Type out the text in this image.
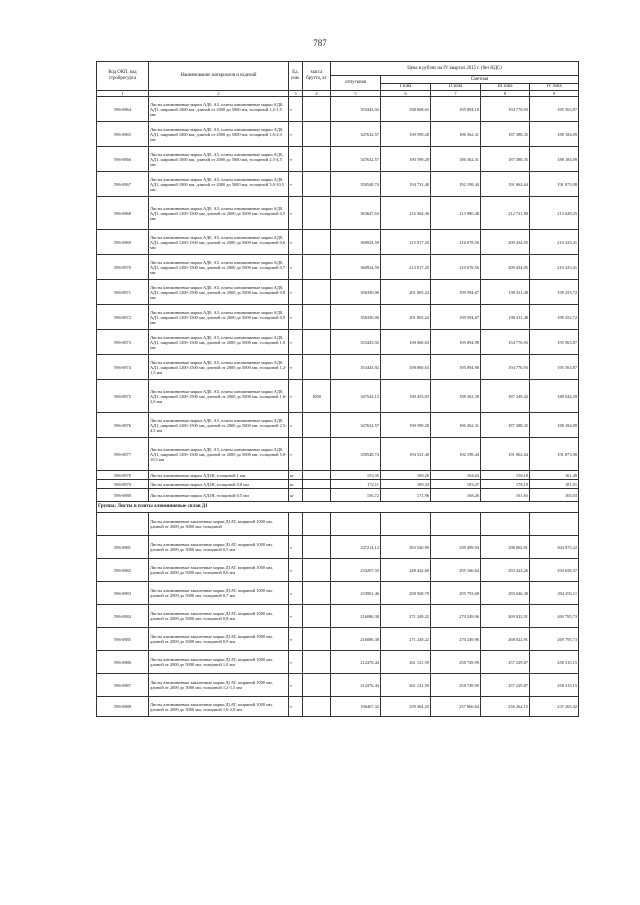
787
Код ОКП, код стройресурса	Наименование материалов и изделий	Ед. изм.	масса брутто, кг	Цена в рублях на IV квартал 2015 г. (без НДС)				
				отпускная	Сметная			
					I зона	II зона	III зона	IV зона
1	2	3	4	5	6	7	8	9
596-0864	Листы алюминиевые марки АД0, А5, плиты алюминиевые марки АД0, АД1, шириной 1000 мм, длиной от 2000 до 5000 мм, толщиной 1,2-1,5 мм	т		353443,92	188 608,63	195 894,10	194 776,93	195 563,87
596-0865	Листы алюминиевые марки АД0, А5, плиты алюминиевые марки АД0, АД1, шириной 1000 мм, длиной от 2000 до 5000 мм, толщиной 1,6-2,0 мм	т		347632,57	190 599,28	186 362,31	187 388,35	188 184,09
596-0866	Листы алюминиевые марки АД0, А5, плиты алюминиевые марки АД0, АД1, шириной 1000 мм, длиной от 2000 до 5000 мм, толщиной 2,5-4,5 мм	т		347632,57	190 599,28	186 362,31	187 388,35	188 184,09
596-0867	Листы алюминиевые марки АД0, А5, плиты алюминиевые марки АД0, АД1, шириной 1000 мм, длиной от 2000 до 5000 мм, толщиной 5,0-10,5 мм	т		350548,74	194 731,48	192 198,44	191 062,64	191 873,98
596-0868	Листы алюминиевые марки АД0, А5, плиты алюминиевые марки АД0, АД1, шириной 1200-1500 мм, длиной от 2000 до 5000 мм, толщиной 0,5 мм	т		363647,63	216 364,36	213 980,48	212 721,90	213 628,25
596-0869	Листы алюминиевые марки АД0, А5, плиты алюминиевые марки АД0, АД1, шириной 1200-1500 мм, длиной от 2000 до 5000 мм, толщиной 0,6 мм	т		360924,59	215 017,20	216 678,56	209 434,05	210 325,41
596-0870	Листы алюминиевые марки АД0, А5, плиты алюминиевые марки АД0, АД1, шириной 1200-1500 мм, длиной от 2000 до 5000 мм, толщиной 0,7 мм	т		360924,59	213 017,20	210 678,56	209 434,05	210 325,41
596-0871	Листы алюминиевые марки АД0, А5, плиты алюминиевые марки АД0, АД1, шириной 1200-1500 мм, длиной от 2000 до 5000 мм, толщиной 0,8 мм	т		356330,06	201 805,24	199 594,67	198 411,48	199 253,72
596-0872	Листы алюминиевые марки АД0, А5, плиты алюминиевые марки АД0, АД1, шириной 1200-1500 мм, длиной от 2000 до 5000 мм, толщиной 0,9 мм	т		356330,06	201 805,24	199 594,67	198 411,48	199 252,72
596-0873	Листы алюминиевые марки АД0, А5, плиты алюминиевые марки АД0, АД1, шириной 1200-1500 мм, длиной от 2000 до 5000 мм, толщиной 1,0 мм	т		353443,92	198 060,63	195 894,98	194 776,93	195 563,87
596-0874	Листы алюминиевые марки АД0, А5, плиты алюминиевые марки АД0, АД1, шириной 1200-1500 мм, длиной от 2000 до 5000 мм, толщиной 1,2-1,5 мм	т		353443,92	198 060,63	195 894,98	194 776,93	195 563,87
596-0875	Листы алюминиевые марки АД0, А5, плиты алюминиевые марки АД0, АД1, шириной 1200-1500 мм, длиной от 2000 до 5000 мм, толщиной 1,6-2,0 мм	т	1000	347544,12	190 453,03	188 362,58	187 249,42	188 044,29
596-0876	Листы алюминиевые марки АД0, А5, плиты алюминиевые марки АД0, АД1, шириной 1200-1500 мм, длиной от 2000 до 5000 мм, толщиной 2,5-4,5 мм	т		347632,57	190 599,28	186 362,31	187 388,35	188 184,09
596-0877	Листы алюминиевые марки АД0, А5, плиты алюминиевые марки АД0, АД1, шириной 1200-1500 мм, длиной от 2000 до 5000 мм, толщиной 5,0-10,5 мм	т		350548,74	194 331,48	192 198,44	191 062,64	191 873,98
596-0878	Листы алюминиевые марки АД1Н, толщиной 1 мм	кг		153,35	169,26	164,64	158,18	161,49
596-0879	Листы алюминиевые марки АД1Н, толщиной 0,8 мм	кг		172,11	189,34	183,47	178,19	181,91
596-0880	Листы алюминиевые марки АД1Н, толщиной 0,5 мм	кг		156,72	171,96	168,26	161,65	165,03
Группа: Листы и плиты алюминиевые сплав Д1								
	Листы алюминиевые закаленные марки Д1АТ, шириной 1000 мм, длиной от 2000 до 5000 мм, толщиной							
596-0881	Листы алюминиевые закаленные марки Д1АТ, шириной 1000 мм, длиной от 2000 до 5000 мм, толщиной 0,5 мм	т		247214,12	303 540,90	339 499,94	298 062,91	304 975,22
596-0882	Листы алюминиевые закаленные марки Д1АТ, шириной 1000 мм, длиной от 2000 до 5000 мм, толщиной 0,6 мм	т		233207,33	248 442,60	295 166,64	293 422,26	294 658,37
596-0883	Листы алюминиевые закаленные марки Д1АТ, шириной 1000 мм, длиной от 2000 до 5000 мм, толщиной 0,7 мм	т		233901,46	298 568,79	295 793,68	293 046,38	294 293,11
596-0884	Листы алюминиевые закаленные марки Д1АТ, шириной 1000 мм, длиной от 2000 до 5000 мм, толщиной 0,8 мм	т		216086,38	271 249,22	270 249,96	269 022,91	269 795,73
596-0885	Листы алюминиевые закаленные марки Д1АТ, шириной 1000 мм, длиной от 2000 до 5000 мм, толщиной 0,9 мм	т		216086,38	271 249,22	270 249,96	268 022,91	269 795,73
596-0886	Листы алюминиевые закаленные марки Д1АТ, шириной 1000 мм, длиной от 2000 до 5000 мм, толщиной 1,0 мм	т		212476,44	261 121,59	258 749,99	257 229,87	258 315,15
596-0887	Листы алюминиевые закаленные марки Д1АТ, шириной 1000 мм, длиной от 2000 до 5000 мм, толщиной 1,2-1,5 мм	т		212476,44	261 121,59	258 749,99	257 229,87	258 315,15
596-0888	Листы алюминиевые закаленные марки Д1АТ, шириной 1000 мм, длиной от 2000 до 5000 мм, толщиной 1,6-2,0 мм	т		196467,32	239 364,29	237 666,64	236 262,15	237 265,42
